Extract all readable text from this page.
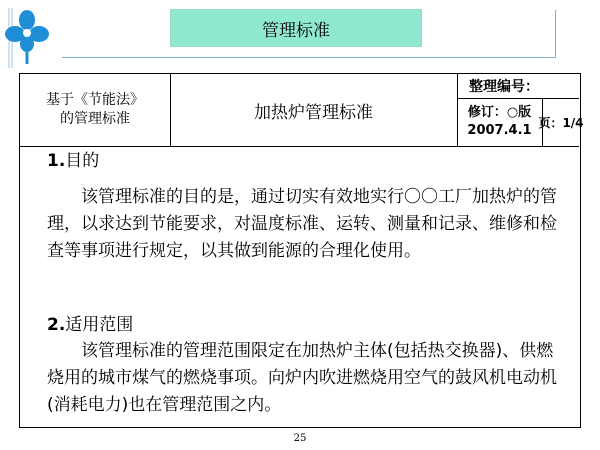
管理标准
基于《节能法》
的管理标准	加热炉管理标准
整理编号：
修订：○版
2007.4.1
页：1/4
1.目的

该管理标准的目的是，通过切实有效地实行〇〇工厂加热炉的管理，以求达到节能要求，对温度标准、运转、测量和记录、维修和检查等事项进行规定，以其做到能源的合理化使用。

2.适用范围

该管理标准的管理范围限定在加热炉主体(包括热交换器)、供燃烧用的城市煤气的燃烧事项。向炉内吹进燃烧用空气的鼓风机电动机(消耗电力)也在管理范围之内。

25
